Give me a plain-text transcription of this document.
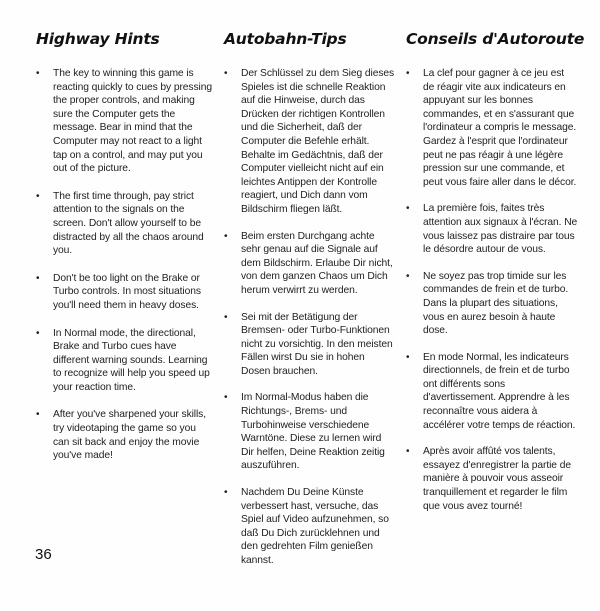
Highway Hints
• The key to winning this game is reacting quickly to cues by pressing the proper controls, and making sure the Computer gets the message. Bear in mind that the Computer may not react to a light tap on a control, and may put you out of the picture.
• The first time through, pay strict attention to the signals on the screen. Don't allow yourself to be distracted by all the chaos around you.
• Don't be too light on the Brake or Turbo controls. In most situations you'll need them in heavy doses.
• In Normal mode, the directional, Brake and Turbo cues have different warning sounds. Learning to recognize will help you speed up your reaction time.
• After you've sharpened your skills, try videotaping the game so you can sit back and enjoy the movie you've made!
Autobahn-Tips
• Der Schlüssel zu dem Sieg dieses Spieles ist die schnelle Reaktion auf die Hinweise, durch das Drücken der richtigen Kontrollen und die Sicherheit, daß der Computer die Befehle erhält. Behalte im Gedächtnis, daß der Computer vielleicht nicht auf ein leichtes Antippen der Kontrolle reagiert, und Dich dann vom Bildschirm fliegen läßt.
• Beim ersten Durchgang achte sehr genau auf die Signale auf dem Bildschirm. Erlaube Dir nicht, von dem ganzen Chaos um Dich herum verwirrt zu werden.
• Sei mit der Betätigung der Bremsen- oder Turbo-Funktionen nicht zu vorsichtig. In den meisten Fällen wirst Du sie in hohen Dosen brauchen.
• Im Normal-Modus haben die Richtungs-, Brems- und Turbohinweise verschiedene Warntöne. Diese zu lernen wird Dir helfen, Deine Reaktion zeitig auszuführen.
• Nachdem Du Deine Künste verbessert hast, versuche, das Spiel auf Video aufzunehmen, so daß Du Dich zurücklehnen und den gedrehten Film genießen kannst.
Conseils d'Autoroute
• La clef pour gagner à ce jeu est de réagir vite aux indicateurs en appuyant sur les bonnes commandes, et en s'assurant que l'ordinateur a compris le message. Gardez à l'esprit que l'ordinateur peut ne pas réagir à une légère pression sur une commande, et peut vous faire aller dans le décor.
• La première fois, faites très attention aux signaux à l'écran. Ne vous laissez pas distraire par tous le désordre autour de vous.
• Ne soyez pas trop timide sur les commandes de frein et de turbo. Dans la plupart des situations, vous en aurez besoin à haute dose.
• En mode Normal, les indicateurs directionnels, de frein et de turbo ont différents sons d'avertissement. Apprendre à les reconnaître vous aidera à accélérer votre temps de réaction.
• Après avoir affûté vos talents, essayez d'enregistrer la partie de manière à pouvoir vous asseoir tranquillement et regarder le film que vous avez tourné!
36
